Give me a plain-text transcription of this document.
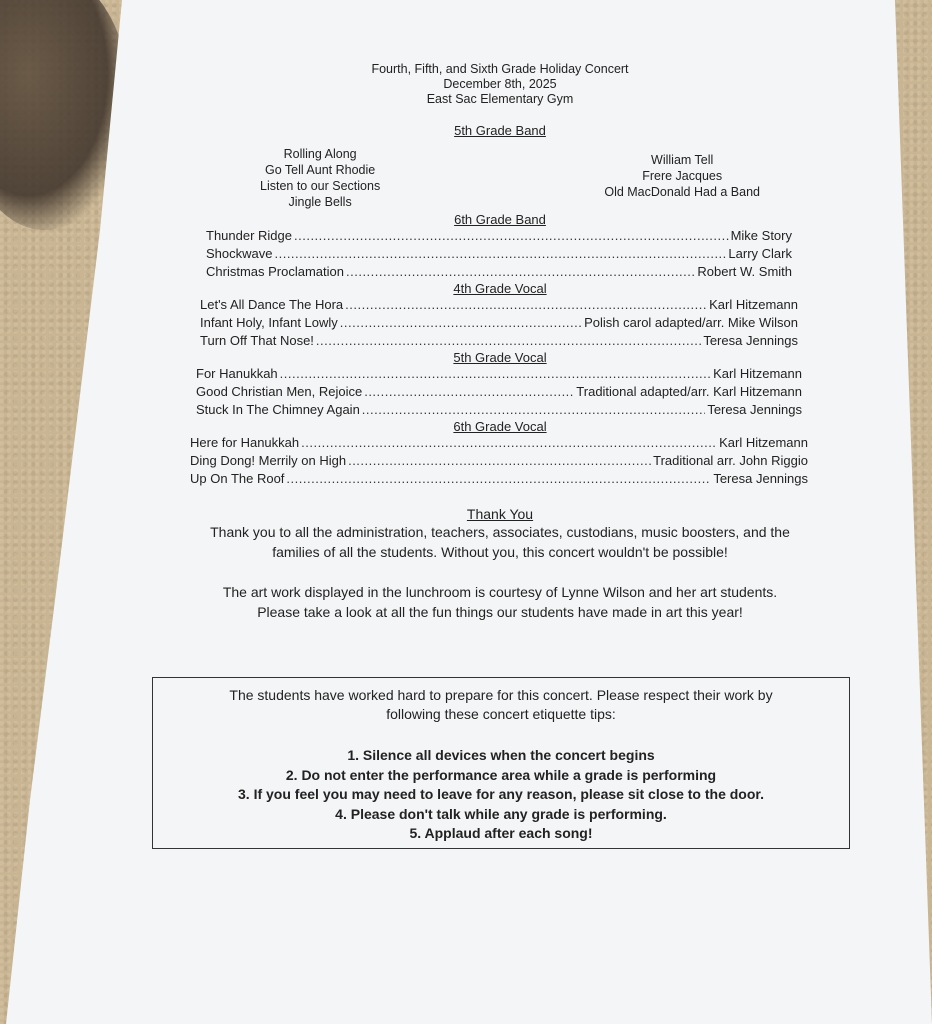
Fourth, Fifth, and Sixth Grade Holiday Concert
December 8th, 2025
East Sac Elementary Gym
5th Grade Band
Rolling Along
Go Tell Aunt Rhodie
Listen to our Sections
Jingle Bells
William Tell
Frere Jacques
Old MacDonald Had a Band
6th Grade Band
Thunder Ridge .....	Mike Story
Shockwave .....	Larry Clark
Christmas Proclamation .....	Robert W. Smith
4th Grade Vocal
Let's All Dance The Hora .....	Karl Hitzemann
Infant Holy, Infant Lowly .....	Polish carol adapted/arr. Mike Wilson
Turn Off That Nose! .....	Teresa Jennings
5th Grade Vocal
For Hanukkah .....	Karl Hitzemann
Good Christian Men, Rejoice .....	Traditional adapted/arr. Karl Hitzemann
Stuck In The Chimney Again .....	Teresa Jennings
6th Grade Vocal
Here for Hanukkah .....	Karl Hitzemann
Ding Dong! Merrily on High .....	Traditional arr. John Riggio
Up On The Roof .....	Teresa Jennings
Thank You
Thank you to all the administration, teachers, associates, custodians, music boosters, and the
families of all the students. Without you, this concert wouldn't be possible!
The art work displayed in the lunchroom is courtesy of Lynne Wilson and her art students.
Please take a look at all the fun things our students have made in art this year!
The students have worked hard to prepare for this concert. Please respect their work by
following these concert etiquette tips:
1. Silence all devices when the concert begins
2. Do not enter the performance area while a grade is performing
3. If you feel you may need to leave for any reason, please sit close to the door.
4. Please don't talk while any grade is performing.
5. Applaud after each song!
